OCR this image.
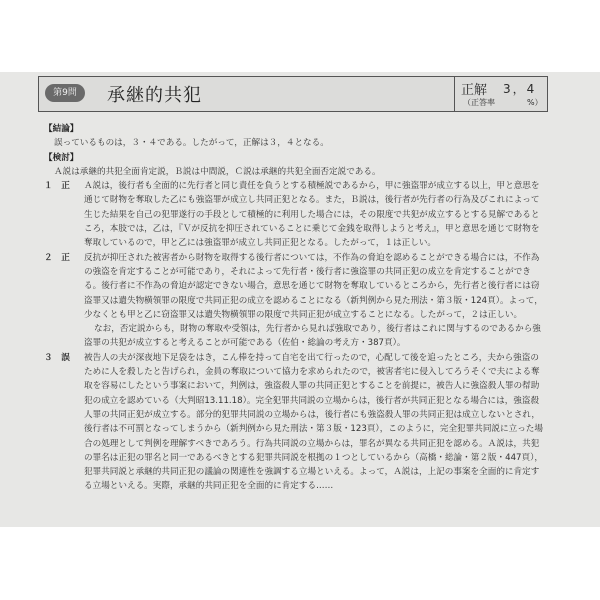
第9問	承継的共犯	正解 3，4
（正答率	%）
【結論】
誤っているものは，３・４である。したがって，正解は３，４となる。
【検討】
Ａ説は承継的共犯全面肯定説，Ｂ説は中間説，Ｃ説は承継的共犯全面否定説である。
１　正	Ａ説は，後行者も全面的に先行者と同じ責任を負うとする積極説であるから，甲に強盗罪が成立する以上，甲と意思を通じて財物を奪取した乙にも強盗罪が成立し共同正犯となる。また，Ｂ説は，後行者が先行者の行為及びこれによって生じた結果を自己の犯罪遂行の手段として積極的に利用した場合には，その限度で共犯が成立するとする見解であるところ，本肢では，乙は，『Ｖが反抗を抑圧されていることに乗じて金銭を取得しようと考え』，甲と意思を通じて財物を奪取しているので，甲と乙には強盗罪が成立し共同正犯となる。したがって，１は正しい。
２　正	反抗が抑圧された被害者から財物を取得する後行者については，不作為の脅迫を認めることができる場合には，不作為の強盗を肯定することが可能であり，それによって先行者・後行者に強盗罪の共同正犯の成立を肯定することができる。後行者に不作為の脅迫が認定できない場合，意思を通じて財物を奪取しているところから，先行者と後行者には窃盗罪又は遺失物横領罪の限度で共同正犯の成立を認めることになる（新判例から見た刑法・第３版・124頁）。よって，少なくとも甲と乙に窃盗罪又は遺失物横領罪の限度で共同正犯が成立することになる。したがって，２は正しい。
なお，否定説からも，財物の奪取や受領は，先行者から見れば強取であり，後行者はこれに関与するのであるから強盗罪の共犯が成立すると考えることが可能である（佐伯・総論の考え方・387頁）。
３　誤	被告人の夫が深夜地下足袋をはき，こん棒を持って自宅を出て行ったので，心配して後を追ったところ，夫から強盗のために人を殺したと告げられ，金員の奪取について協力を求められたので，被害者宅に侵入してろうそくで夫による奪取を容易にしたという事案において，判例は，強盗殺人罪の共同正犯とすることを前提に，被告人に強盗殺人罪の幇助犯の成立を認めている（大判昭13.11.18）。完全犯罪共同説の立場からは，後行者が共同正犯となる場合には，強盗殺人罪の共同正犯が成立する。部分的犯罪共同説の立場からは，後行者にも強盗殺人罪の共同正犯は成立しないとされ，後行者は不可罰となってしまうから（新判例から見た刑法・第３版・123頁），このように，完全犯罪共同説に立った場合の処理として判例を理解すべきであろう。行為共同説の立場からは，罪名が異なる共同正犯を認める。Ａ説は，共犯の罪名は正犯の罪名と同一であるべきとする犯罪共同説を根拠の１つとしているから（高橋・総論・第２版・447頁），犯罪共同説と承継的共同正犯の議論の関連性を強調する立場といえる。よって，Ａ説は，上記の事案を全面的に肯定する立場といえる。実際，承継的共同正犯を全面的に肯定する……
